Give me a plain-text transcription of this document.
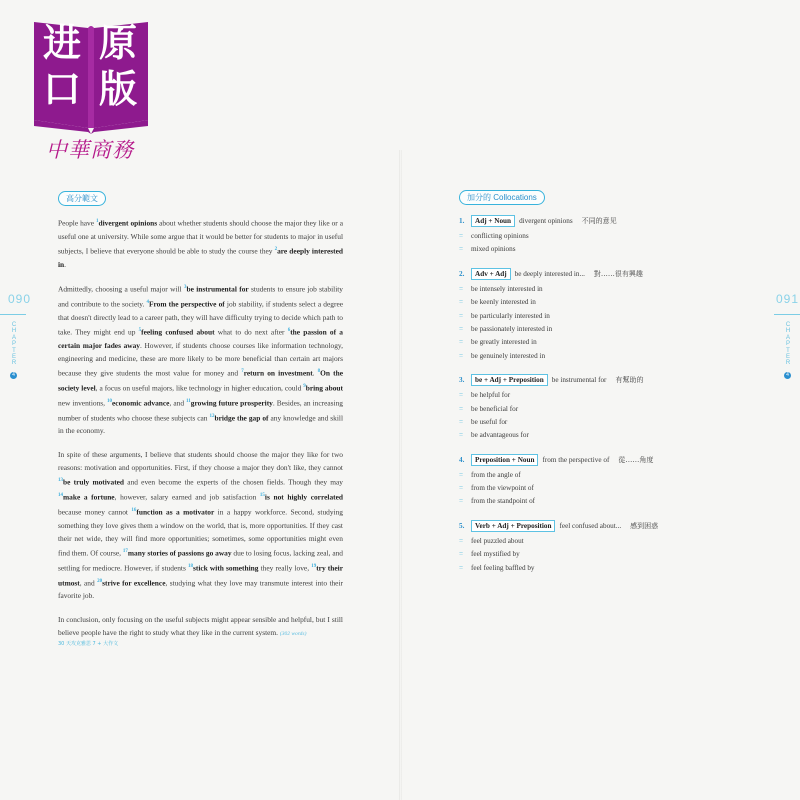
进 原
口 版
中華商務
090
C
H
A
P
T
E
R
4
091
C
H
A
P
T
E
R
4
高分範文

People have $^1$divergent opinions about whether students should choose the major they like or a useful one at university. While some argue that it would be better for students to major in useful subjects, I believe that everyone should be able to study the course they $^2$are deeply interested in.

Admittedly, choosing a useful major will $^3$be instrumental for students to ensure job stability and contribute to the society. $^4$From the perspective of job stability, if students select a degree that doesn't directly lead to a career path, they will have difficulty trying to decide which path to take. They might end up $^5$feeling confused about what to do next after $^6$the passion of a certain major fades away. However, if students choose courses like information technology, engineering and medicine, these are more likely to be more beneficial than certain art majors because they give students the most value for money and $^7$return on investment. $^8$On the society level, a focus on useful majors, like technology in higher education, could $^9$bring about new inventions, $^{10}$economic advance, and $^{11}$growing future prosperity. Besides, an increasing number of students who choose these subjects can $^{12}$bridge the gap of any knowledge and skill in the economy.

In spite of these arguments, I believe that students should choose the major they like for two reasons: motivation and opportunities. First, if they choose a major they don't like, they cannot $^{13}$be truly motivated and even become the experts of the chosen fields. Though they may $^{14}$make a fortune, however, salary earned and job satisfaction $^{15}$is not highly correlated because money cannot $^{16}$function as a motivator in a happy workforce. Second, studying something they love gives them a window on the world, that is, more opportunities. If they cast their net wide, they will find more opportunities; sometimes, some opportunities might even find them. Of course, $^{17}$many stories of passions go away due to losing focus, lacking zeal, and settling for mediocre. However, if students $^{18}$stick with something they really love, $^{19}$try their utmost, and $^{20}$strive for excellence, studying what they love may transmute interest into their favorite job.

In conclusion, only focusing on the useful subjects might appear sensible and helpful, but I still believe people have the right to study what they like in the current system. (302 words)

30 天攻克雅思 7 + 大作文
加分的 Collocations
1.	Adj + Noun	divergent opinions 不同的意见
=	conflicting opinions
=	mixed opinions
2.	Adv + Adj	be deeply interested in... 對……很有興趣
=	be intensely interested in
=	be keenly interested in
=	be particularly interested in
=	be passionately interested in
=	be greatly interested in
=	be genuinely interested in
3.	be + Adj + Preposition	be instrumental for 有幫助的
=	be helpful for
=	be beneficial for
=	be useful for
=	be advantageous for
4.	Preposition + Noun	from the perspective of 從……角度
=	from the angle of
=	from the viewpoint of
=	from the standpoint of
5.	Verb + Adj + Preposition	feel confused about... 感到困惑
=	feel puzzled about
=	feel mystified by
=	feel feeling baffled by
